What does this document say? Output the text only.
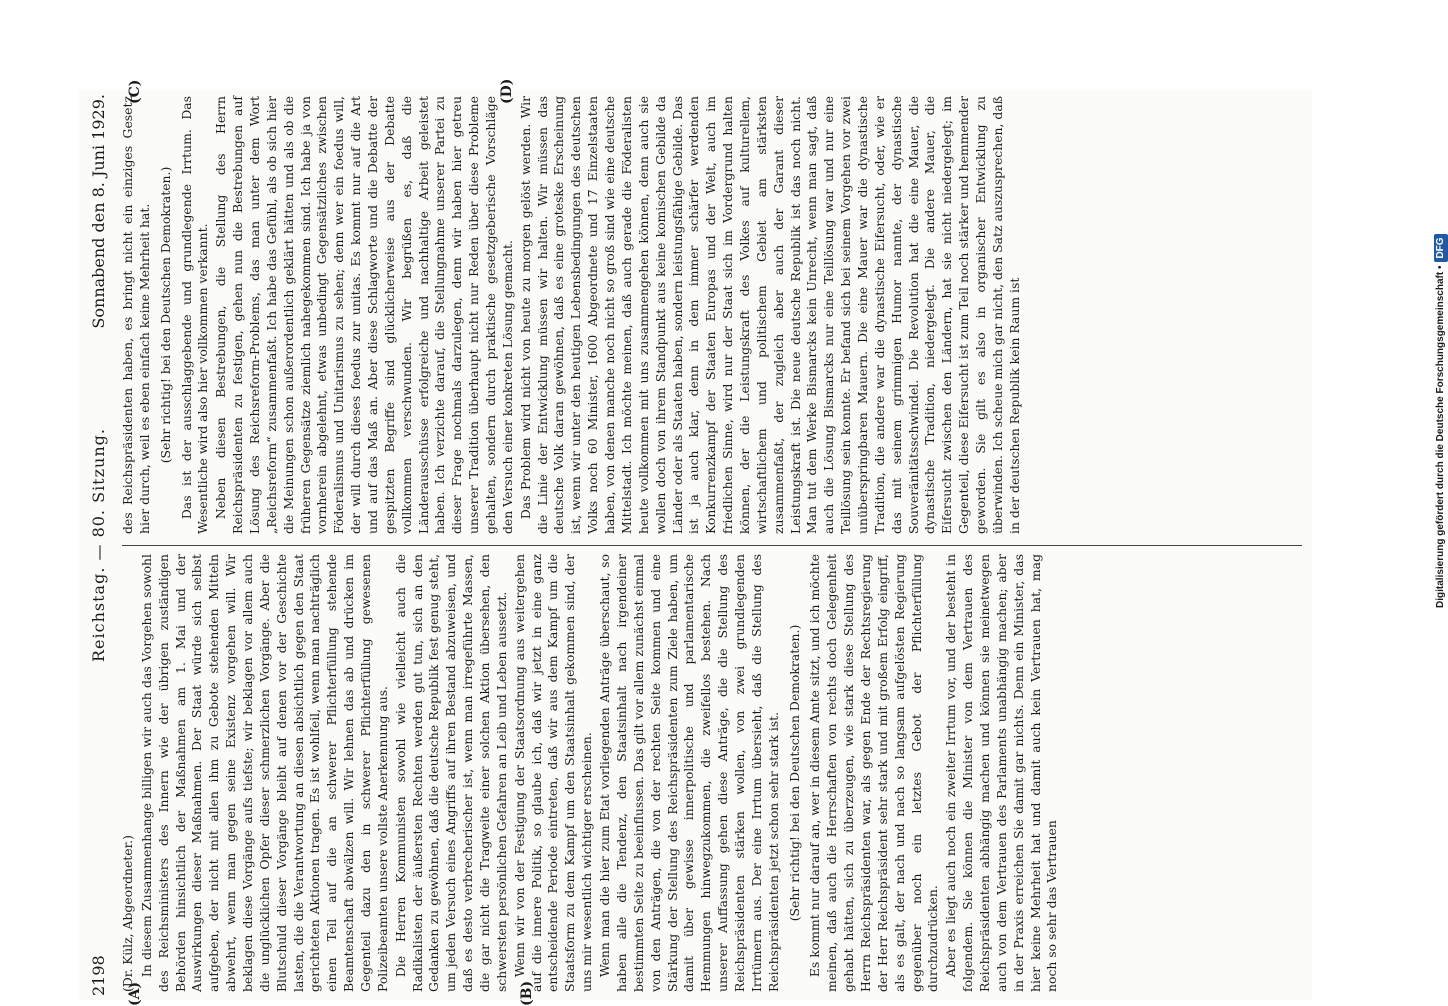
2198
Reichstag. — 80. Sitzung.
Sonnabend den 8. Juni 1929.
(A)	(B)
(C)	(D)

(Dr. Külz, Abgeordneter.) In diesem Zusammenhange billigen wir auch das Vorgehen sowohl des Reichsministers des Innern wie der übrigen zuständigen Behörden hinsichtlich der Maßnahmen am 1. Mai und der Auswirkungen dieser Maßnahmen. Der Staat würde sich selbst aufgeben, der nicht mit allen ihm zu Gebote stehenden Mitteln abwehrt, wenn man gegen seine Existenz vorgehen will. Wir beklagen diese Vorgänge aufs tiefste; wir beklagen vor allem auch die unglücklichen Opfer dieser schmerzlichen Vorgänge. Aber die Blutschuld dieser Vorgänge bleibt auf denen vor der Geschichte lasten, die die Verantwortung an diesen absichtlich gegen den Staat gerichteten Aktionen tragen. Es ist wohlfeil, wenn man nachträglich einen Teil auf die an schwerer Pflichterfüllung stehende Beamtenschaft abwälzen will. Wir lehnen das ab und drücken im Gegenteil dazu den in schwerer Pflichterfüllung gewesenen Polizeibeamten unsere vollste Anerkennung aus. Die Herren Kommunisten sowohl wie vielleicht auch die Radikalisten der äußersten Rechten werden gut tun, sich an den Gedanken zu gewöhnen, daß die deutsche Republik fest genug steht, um jeden Versuch eines Angriffs auf ihren Bestand abzuweisen, und daß es desto verbrecherischer ist, wenn man irregeführte Massen, die gar nicht die Tragweite einer solchen Aktion übersehen, den schwersten persönlichen Gefahren an Leib und Leben aussetzt. Wenn wir von der Festigung der Staatsordnung aus weitergehen auf die innere Politik, so glaube ich, daß wir jetzt in eine ganz entscheidende Periode eintreten, daß wir aus dem Kampf um die Staatsform zu dem Kampf um den Staatsinhalt gekommen sind, der uns mir wesentlich wichtiger erscheinen. Wenn man die hier zum Etat vorliegenden Anträge überschaut, so haben alle die Tendenz, den Staatsinhalt nach irgendeiner bestimmten Seite zu beeinflussen. Das gilt vor allem zunächst einmal von den Anträgen, die von der rechten Seite kommen und eine Stärkung der Stellung des Reichspräsidenten zum Ziele haben, um damit über gewisse innerpolitische und parlamentarische Hemmungen hinwegzukommen, die zweifellos bestehen. Nach unserer Auffassung gehen diese Anträge, die die Stellung des Reichspräsidenten stärken wollen, von zwei grundlegenden Irrtümern aus. Der eine Irrtum übersieht, daß die Stellung des Reichspräsidenten jetzt schon sehr stark ist. (Sehr richtig! bei den Deutschen Demokraten.) Es kommt nur darauf an, wer in diesem Amte sitzt, und ich möchte meinen, daß auch die Herrschaften von rechts doch Gelegenheit gehabt hätten, sich zu überzeugen, wie stark diese Stellung des Herrn Reichspräsidenten war, als gegen Ende der Rechtsregierung der Herr Reichspräsident sehr stark und mit großem Erfolg eingriff, als es galt, der nach und nach so langsam aufgelösten Regierung gegenüber noch ein letztes Gebot der Pflichterfüllung durchzudrücken. Aber es liegt auch noch ein zweiter Irrtum vor, und der besteht in folgendem. Sie können die Minister von dem Vertrauen des Reichspräsidenten abhängig machen und können sie meinetwegen auch von dem Vertrauen des Parlaments unabhängig machen; aber in der Praxis erreichen Sie damit gar nichts. Denn ein Minister, das hier keine Mehrheit hat und damit auch kein Vertrauen hat, mag noch so sehr das Vertrauen

des Reichspräsidenten haben, es bringt nicht ein einziges Gesetz hier durch, weil es eben einfach keine Mehrheit hat. (Sehr richtig! bei den Deutschen Demokraten.) Das ist der ausschlaggebende und grundlegende Irrtum. Das Wesentliche wird also hier vollkommen verkannt. Neben diesen Bestrebungen, die Stellung des Herrn Reichspräsidenten zu festigen, gehen nun die Bestrebungen auf Lösung des Reichsreform-Problems, das man unter dem Wort „Reichsreform“ zusammenfaßt. Ich habe das Gefühl, als ob sich hier die Meinungen schon außerordentlich geklärt hätten und als ob die früheren Gegensätze ziemlich nahegekommen sind. Ich habe ja von vornherein abgelehnt, etwas unbedingt Gegensätzliches zwischen Föderalismus und Unitarismus zu sehen; denn wer ein foedus will, der will durch dieses foedus zur unitas. Es kommt nur auf die Art und auf das Maß an. Aber diese Schlagworte und die Debatte der gespitzten Begriffe sind glücklicherweise aus der Debatte vollkommen verschwunden. Wir begrüßen es, daß die Länderausschüsse erfolgreiche und nachhaltige Arbeit geleistet haben. Ich verzichte darauf, die Stellungnahme unserer Partei zu dieser Frage nochmals darzulegen, denn wir haben hier getreu unserer Tradition überhaupt nicht nur Reden über diese Probleme gehalten, sondern durch praktische gesetzgeberische Vorschläge den Versuch einer konkreten Lösung gemacht. Das Problem wird nicht von heute zu morgen gelöst werden. Wir die Linie der Entwicklung müssen wir halten. Wir müssen das deutsche Volk daran gewöhnen, daß es eine groteske Erscheinung ist, wenn wir unter den heutigen Lebensbedingungen des deutschen Volks noch 60 Minister, 1600 Abgeordnete und 17 Einzelstaaten haben, von denen manche noch nicht so groß sind wie eine deutsche Mittelstadt. Ich möchte meinen, daß auch gerade die Föderalisten heute vollkommen mit uns zusammengehen können, denn auch sie wollen doch von ihrem Standpunkt aus keine komischen Gebilde da Länder oder als Staaten haben, sondern leistungsfähige Gebilde. Das ist ja auch klar, denn in dem immer schärfer werdenden Konkurrenzkampf der Staaten Europas und der Welt, auch im friedlichen Sinne, wird nur der Staat sich im Vordergrund halten können, der die Leistungskraft des Volkes auf kulturellem, wirtschaftlichem und politischem Gebiet am stärksten zusammenfaßt, der zugleich aber auch der Garant dieser Leistungskraft ist. Die neue deutsche Republik ist das noch nicht. Man tut dem Werke Bismarcks kein Unrecht, wenn man sagt, daß auch die Lösung Bismarcks nur eine Teillösung war und nur eine Teillösung sein konnte. Er befand sich bei seinem Vorgehen vor zwei unüberspringbaren Mauern. Die eine Mauer war die dynastische Tradition, die andere war die dynastische Eifersucht, oder, wie er das mit seinem grimmigen Humor nannte, der dynastische Souveränitätsschwindel. Die Revolution hat die eine Mauer, die dynastische Tradition, niedergelegt. Die andere Mauer, die Eifersucht zwischen den Ländern, hat sie nicht niedergelegt; im Gegenteil, diese Eifersucht ist zum Teil noch stärker und hemmender geworden. Sie gilt es also in organischer Entwicklung zu überwinden. Ich scheue mich gar nicht, den Satz auszusprechen, daß in der deutschen Republik kein Raum ist	Digitalisierung gefördert durch die Deutsche Forschungsgemeinschaft •DFG
